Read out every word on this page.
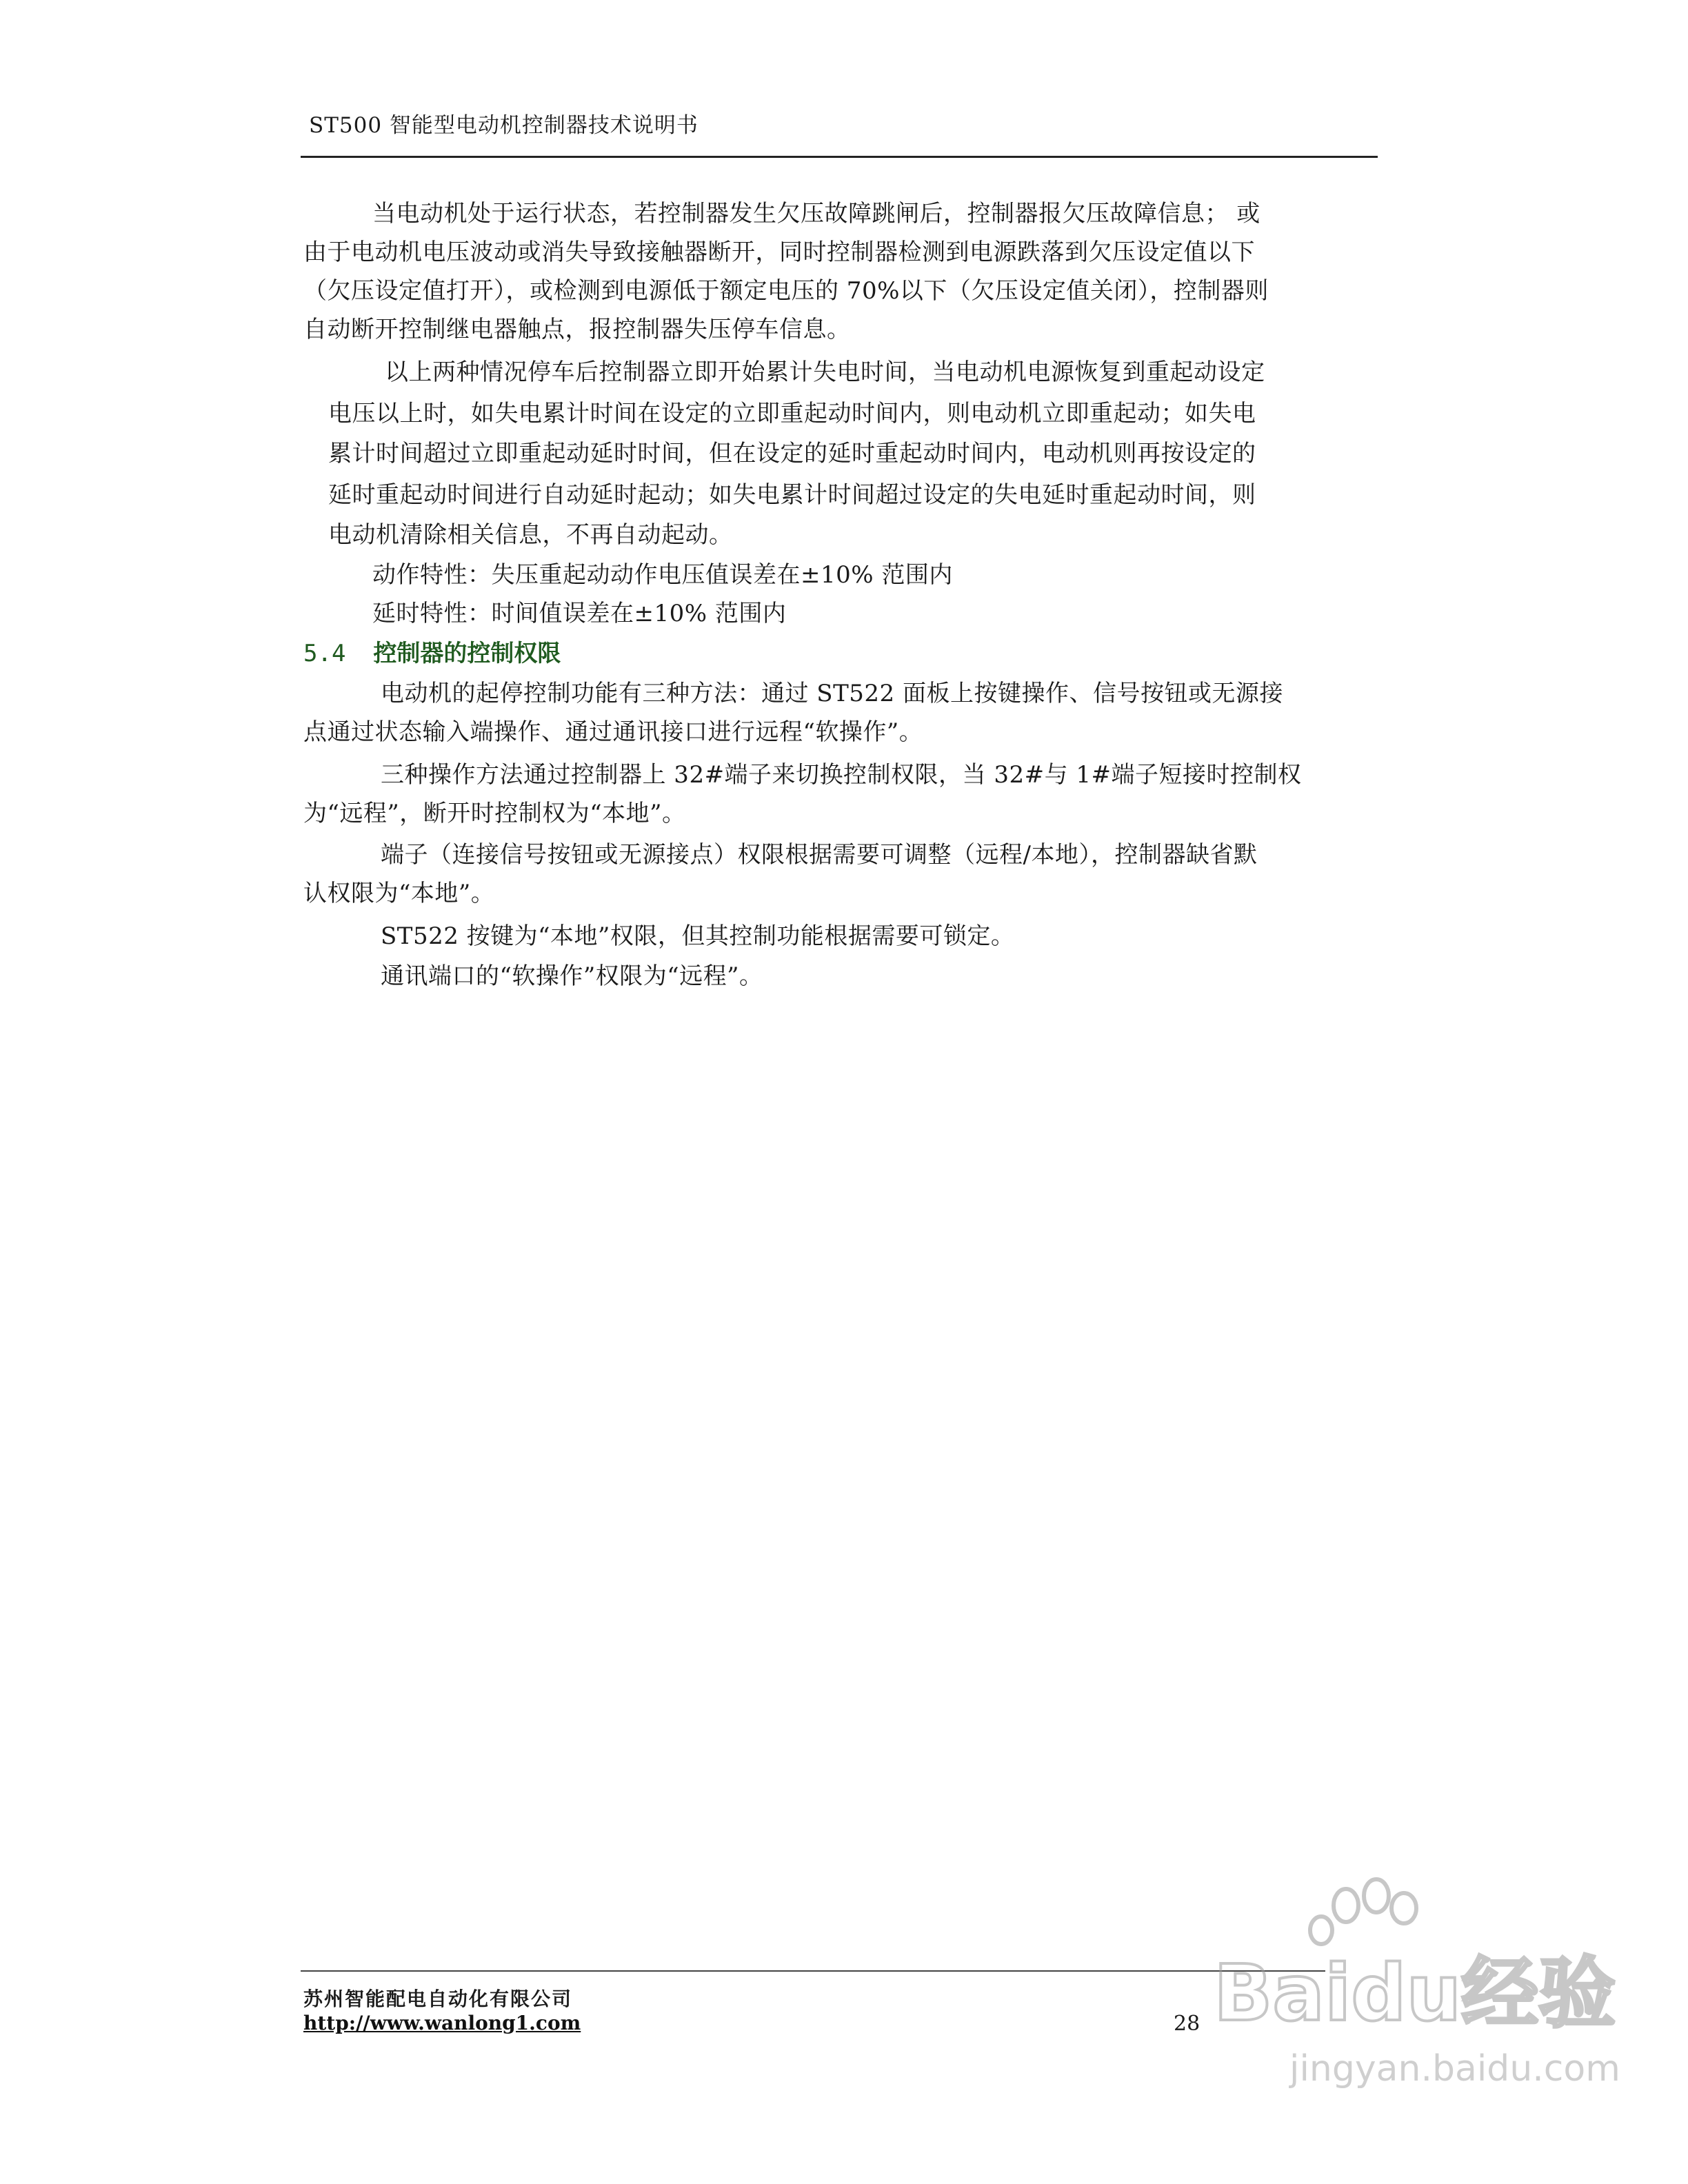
ST500 智能型电动机控制器技术说明书
当电动机处于运行状态，若控制器发生欠压故障跳闸后，控制器报欠压故障信息； 或
由于电动机电压波动或消失导致接触器断开，同时控制器检测到电源跌落到欠压设定值以下
（欠压设定值打开），或检测到电源低于额定电压的 70%以下（欠压设定值关闭），控制器则
自动断开控制继电器触点，报控制器失压停车信息。
以上两种情况停车后控制器立即开始累计失电时间，当电动机电源恢复到重起动设定
电压以上时，如失电累计时间在设定的立即重起动时间内，则电动机立即重起动；如失电
累计时间超过立即重起动延时时间，但在设定的延时重起动时间内，电动机则再按设定的
延时重起动时间进行自动延时起动；如失电累计时间超过设定的失电延时重起动时间，则
电动机清除相关信息，不再自动起动。
动作特性：失压重起动动作电压值误差在±10% 范围内
延时特性：时间值误差在±10% 范围内
5.4 控制器的控制权限
电动机的起停控制功能有三种方法：通过 ST522 面板上按键操作、信号按钮或无源接
点通过状态输入端操作、通过通讯接口进行远程“软操作”。
三种操作方法通过控制器上 32#端子来切换控制权限，当 32#与 1#端子短接时控制权
为“远程”，断开时控制权为“本地”。
端子（连接信号按钮或无源接点）权限根据需要可调整（远程/本地），控制器缺省默
认权限为“本地”。
ST522 按键为“本地”权限，但其控制功能根据需要可锁定。
通讯端口的“软操作”权限为“远程”。
苏州智能配电自动化有限公司
http://www.wanlong1.com	28 Baidu经验
jingyan.baidu.com
